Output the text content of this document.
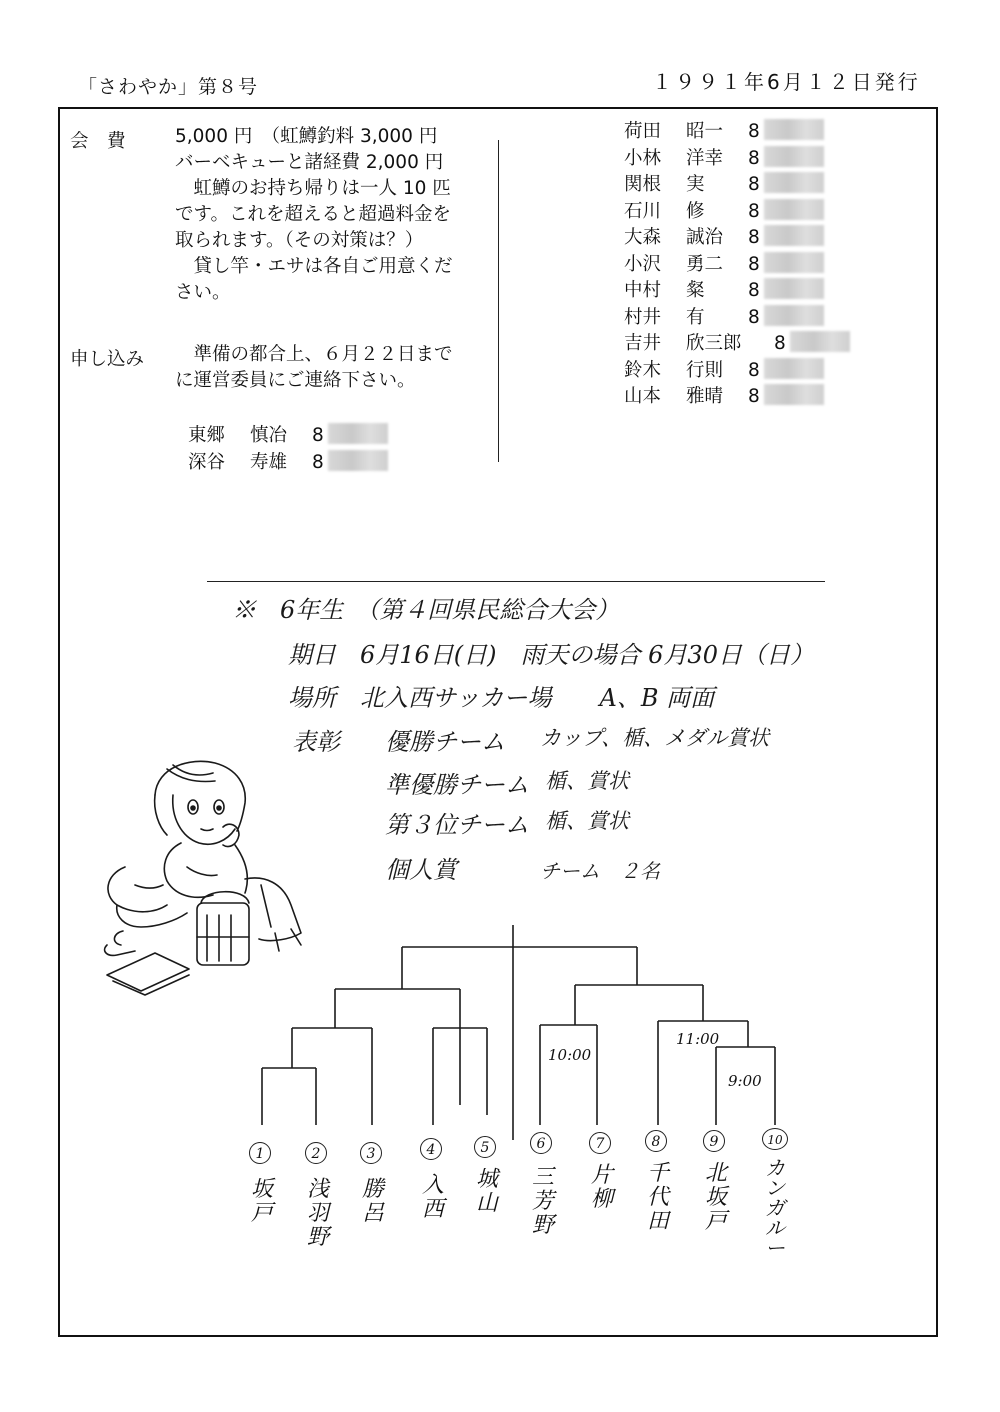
「さわやか」第８号	１９９１年6月１２日発行
会　費	5,000 円　（虹鱒釣料 3,000 円
バーベキューと諸経費 2,000 円
　虹鱒のお持ち帰りは一人 10 匹
です。これを超えると超過料金を
取られます。（その対策は？）
　貸し竿・エサは各自ご用意くだ
さい。
申し込み 　準備の都合上、６月２２日まで
に運営委員にご連絡下さい。
東郷 慎冶 8
深谷 寿雄 8
荷田 昭一 8
小林 洋幸 8
関根 実 8
石川 修 8
大森 誠治 8
小沢 勇二 8
中村 粲 8
村井 有 8
吉井 欣三郎 8
鈴木 行則 8
山本 雅晴 8
※　6年生　（第４回県民総合大会）
期日　6月16日(日)　雨天の場合 6月30日（日）
場所　北入西サッカー場　　A、B 両面
表彰 優勝チーム カップ、楯、メダル賞状
準優勝チーム 楯、賞状
第３位チーム 楯、賞状
個人賞	チーム　２名
10:00
11:00
9:00
1
坂戸
2
浅羽野
3
勝呂
4
入西
5
城山
6
三芳野
7
片柳
8
千代田
9
北坂戸
10
カンガルー
